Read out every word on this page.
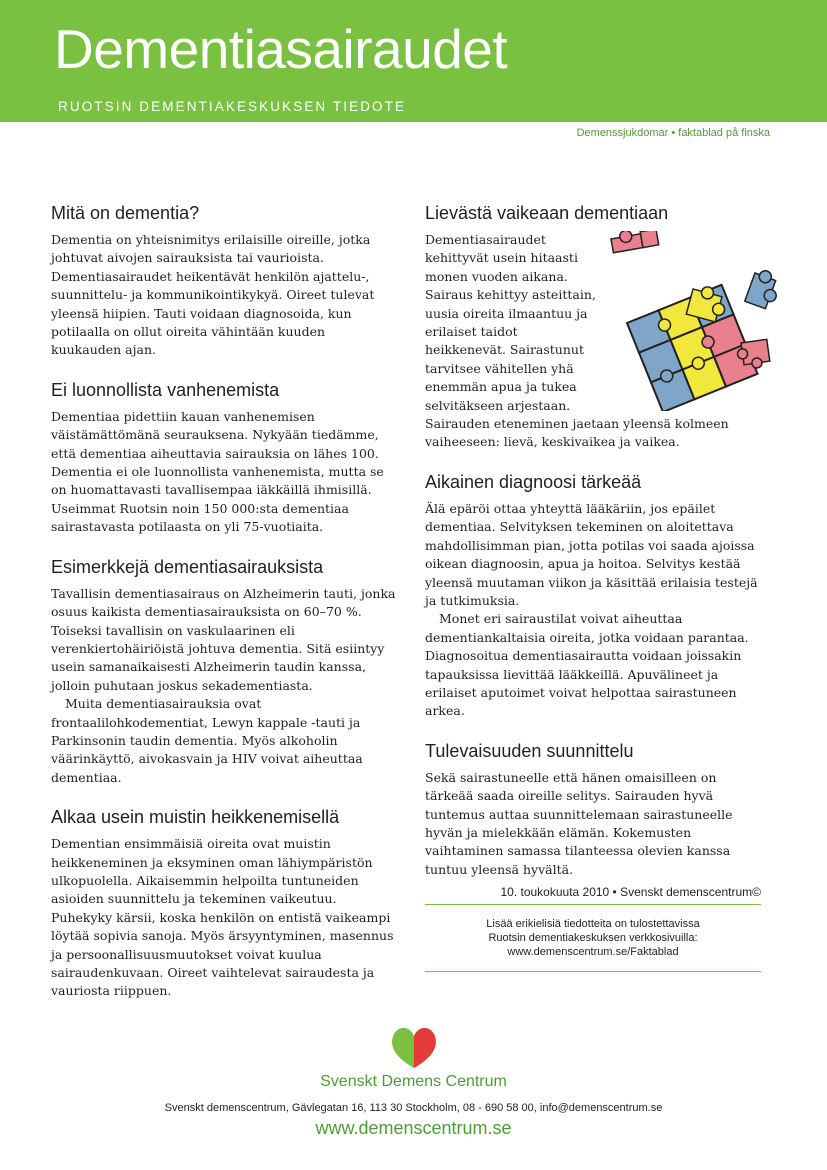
Dementiasairaudet
RUOTSIN DEMENTIAKESKUKSEN TIEDOTE
Demenssjukdomar • faktablad på finska
Mitä on dementia?

Dementia on yhteisnimitys erilaisille oireille, jotka johtuvat aivojen sairauksista tai vaurioista. Dementiasairaudet heikentävät henkilön ajattelu-, suunnittelu- ja kommunikointikykyä. Oireet tulevat yleensä hiipien. Tauti voidaan diagnosoida, kun potilaalla on ollut oireita vähintään kuuden kuukauden ajan.

Ei luonnollista vanhenemista

Dementiaa pidettiin kauan vanhenemisen väistämättömänä seurauksena. Nykyään tiedämme, että dementiaa aiheuttavia sairauksia on lähes 100. Dementia ei ole luonnollista vanhenemista, mutta se on huomattavasti tavallisempaa iäkkäillä ihmisillä. Useimmat Ruotsin noin 150 000:sta dementiaa sairastavasta potilaasta on yli 75-vuotiaita.

Esimerkkejä dementiasairauksista

Tavallisin dementiasairaus on Alzheimerin tauti, jonka osuus kaikista dementiasairauksista on 60–70 %. Toiseksi tavallisin on vaskulaarinen eli verenkiertohäiriöistä johtuva dementia. Sitä esiintyy usein samanaikaisesti Alzheimerin taudin kanssa, jolloin puhutaan joskus sekadementiasta.

Muita dementiasairauksia ovat frontaalilohkodementiat, Lewyn kappale -tauti ja Parkinsonin taudin dementia. Myös alkoholin väärinkäyttö, aivokasvain ja HIV voivat aiheuttaa dementiaa.

Alkaa usein muistin heikkenemisellä

Dementian ensimmäisiä oireita ovat muistin heikkeneminen ja eksyminen oman lähiympäristön ulkopuolella. Aikaisemmin helpoilta tuntuneiden asioiden suunnittelu ja tekeminen vaikeutuu. Puhekyky kärsii, koska henkilön on entistä vaikeampi löytää sopivia sanoja. Myös ärsyyntyminen, masennus ja persoonallisuusmuutokset voivat kuulua sairaudenkuvaan. Oireet vaihtelevat sairaudesta ja vauriosta riippuen.

Lievästä vaikeaan dementiaan

Dementiasairaudet kehittyvät usein hitaasti monen vuoden aikana. Sairaus kehittyy asteittain, uusia oireita ilmaantuu ja erilaiset taidot heikkenevät. Sairastunut tarvitsee vähitellen yhä enemmän apua ja tukea selvitäkseen arjestaan. Sairauden eteneminen jaetaan yleensä kolmeen vaiheeseen: lievä, keskivaikea ja vaikea.

Aikainen diagnoosi tärkeää

Älä epäröi ottaa yhteyttä lääkäriin, jos epäilet dementiaa. Selvityksen tekeminen on aloitettava mahdollisimman pian, jotta potilas voi saada ajoissa oikean diagnoosin, apua ja hoitoa. Selvitys kestää yleensä muutaman viikon ja käsittää erilaisia testejä ja tutkimuksia.

Monet eri sairaustilat voivat aiheuttaa dementiankaltaisia oireita, jotka voidaan parantaa. Diagnosoitua dementiasairautta voidaan joissakin tapauksissa lievittää lääkkeillä. Apuvälineet ja erilaiset aputoimet voivat helpottaa sairastuneen arkea.

Tulevaisuuden suunnittelu

Sekä sairastuneelle että hänen omaisilleen on tärkeää saada oireille selitys. Sairauden hyvä tuntemus auttaa suunnittelemaan sairastuneelle hyvän ja mielekkään elämän. Kokemusten vaihtaminen samassa tilanteessa olevien kanssa tuntuu yleensä hyvältä.

10. toukokuuta 2010 • Svenskt demenscentrum©
Lisää erikielisiä tiedotteita on tulostettavissa
Ruotsin dementiakeskuksen verkkosivuilla:
www.demenscentrum.se/Faktablad
Svenskt Demens Centrum
Svenskt demenscentrum, Gävlegatan 16, 113 30 Stockholm, 08 - 690 58 00, info@demenscentrum.se
www.demenscentrum.se
